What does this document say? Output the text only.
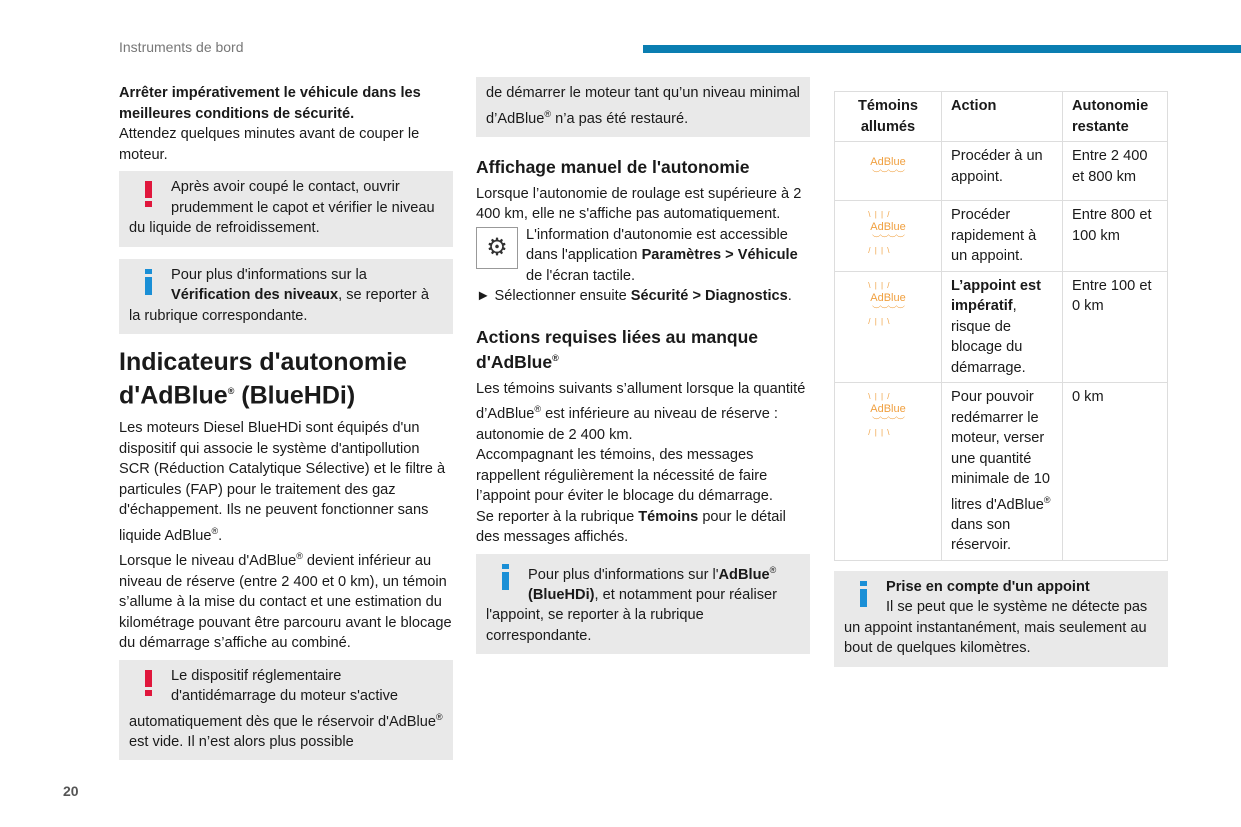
Instruments de bord
20

Arrêter impérativement le véhicule dans les meilleures conditions de sécurité.

Attendez quelques minutes avant de couper le moteur.

Après avoir coupé le contact, ouvrir prudemment le capot et vérifier le niveau du liquide de refroidissement.
Pour plus d'informations sur la Vérification des niveaux, se reporter à la rubrique correspondante.
Indicateurs d'autonomie d'AdBlue® (BlueHDi)

Les moteurs Diesel BlueHDi sont équipés d'un dispositif qui associe le système d'antipollution SCR (Réduction Catalytique Sélective) et le filtre à particules (FAP) pour le traitement des gaz d'échappement. Ils ne peuvent fonctionner sans liquide AdBlue®.

Lorsque le niveau d'AdBlue® devient inférieur au niveau de réserve (entre 2 400 et 0 km), un témoin s’allume à la mise du contact et une estimation du kilométrage pouvant être parcouru avant le blocage du démarrage s’affiche au combiné.

Le dispositif réglementaire d'antidémarrage du moteur s'active automatiquement dès que le réservoir d'AdBlue® est vide. Il n’est alors plus possible
de démarrer le moteur tant qu’un niveau minimal d’AdBlue® n’a pas été restauré.
Affichage manuel de l'autonomie

Lorsque l’autonomie de roulage est supérieure à 2 400 km, elle ne s'affiche pas automatiquement.

⚙	L'information d'autonomie est accessible dans l'application Paramètres > Véhicule de l'écran tactile.

► Sélectionner ensuite Sécurité > Diagnostics.

Actions requises liées au manque d'AdBlue®

Les témoins suivants s’allument lorsque la quantité d’AdBlue® est inférieure au niveau de réserve : autonomie de 2 400 km.

Accompagnant les témoins, des messages rappellent régulièrement la nécessité de faire l’appoint pour éviter le blocage du démarrage.

Se reporter à la rubrique Témoins pour le détail des messages affichés.

Pour plus d'informations sur l'AdBlue® (BlueHDi), et notamment pour réaliser l'appoint, se reporter à la rubrique correspondante.
Témoins allumés	Action	Autonomie restante
AdBlue
︶︶︶︶	Procéder à un appoint.	Entre 2 400 et 800 km
\ | | / AdBlue
︶︶︶︶
/ | | \	Procéder rapidement à un appoint.	Entre 800 et 100 km
\ | | / AdBlue
︶︶︶︶
/ | | \	L’appoint est impératif, risque de blocage du démarrage.	Entre 100 et 0 km
\ | | / AdBlue
︶︶︶︶
/ | | \	Pour pouvoir redémarrer le moteur, verser une quantité minimale de 10 litres d'AdBlue® dans son réservoir.	0 km
Prise en compte d'un appoint
Il se peut que le système ne détecte pas un appoint instantanément, mais seulement au bout de quelques kilomètres.
